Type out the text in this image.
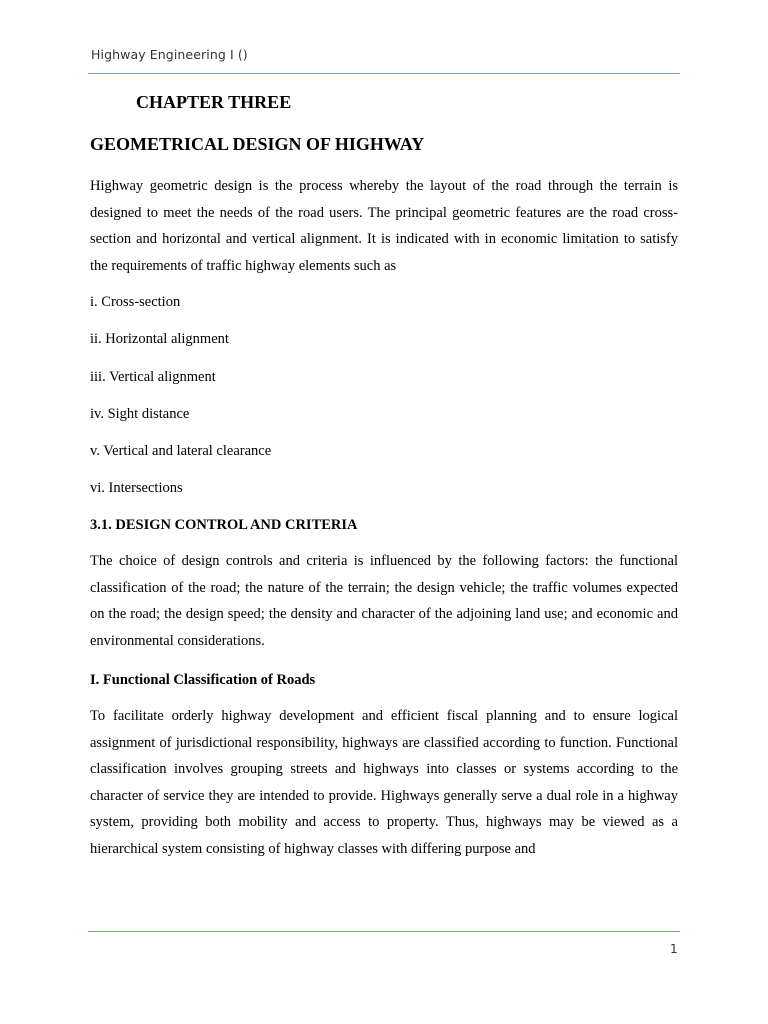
Highway Engineering I ()
CHAPTER THREE
GEOMETRICAL DESIGN OF HIGHWAY
Highway geometric design is the process whereby the layout of the road through the terrain is designed to meet the needs of the road users. The principal geometric features are the road cross-section and horizontal and vertical alignment. It is indicated with in economic limitation to satisfy the requirements of traffic highway elements such as
i. Cross-section
ii. Horizontal alignment
iii. Vertical alignment
iv. Sight distance
v. Vertical and lateral clearance
vi. Intersections
3.1. DESIGN CONTROL AND CRITERIA
The choice of design controls and criteria is influenced by the following factors: the functional classification of the road; the nature of the terrain; the design vehicle; the traffic volumes expected on the road; the design speed; the density and character of the adjoining land use; and economic and environmental considerations.
I. Functional Classification of Roads
To facilitate orderly highway development and efficient fiscal planning and to ensure logical assignment of jurisdictional responsibility, highways are classified according to function. Functional classification involves grouping streets and highways into classes or systems according to the character of service they are intended to provide. Highways generally serve a dual role in a highway system, providing both mobility and access to property. Thus, highways may be viewed as a hierarchical system consisting of highway classes with differing purpose and
1
